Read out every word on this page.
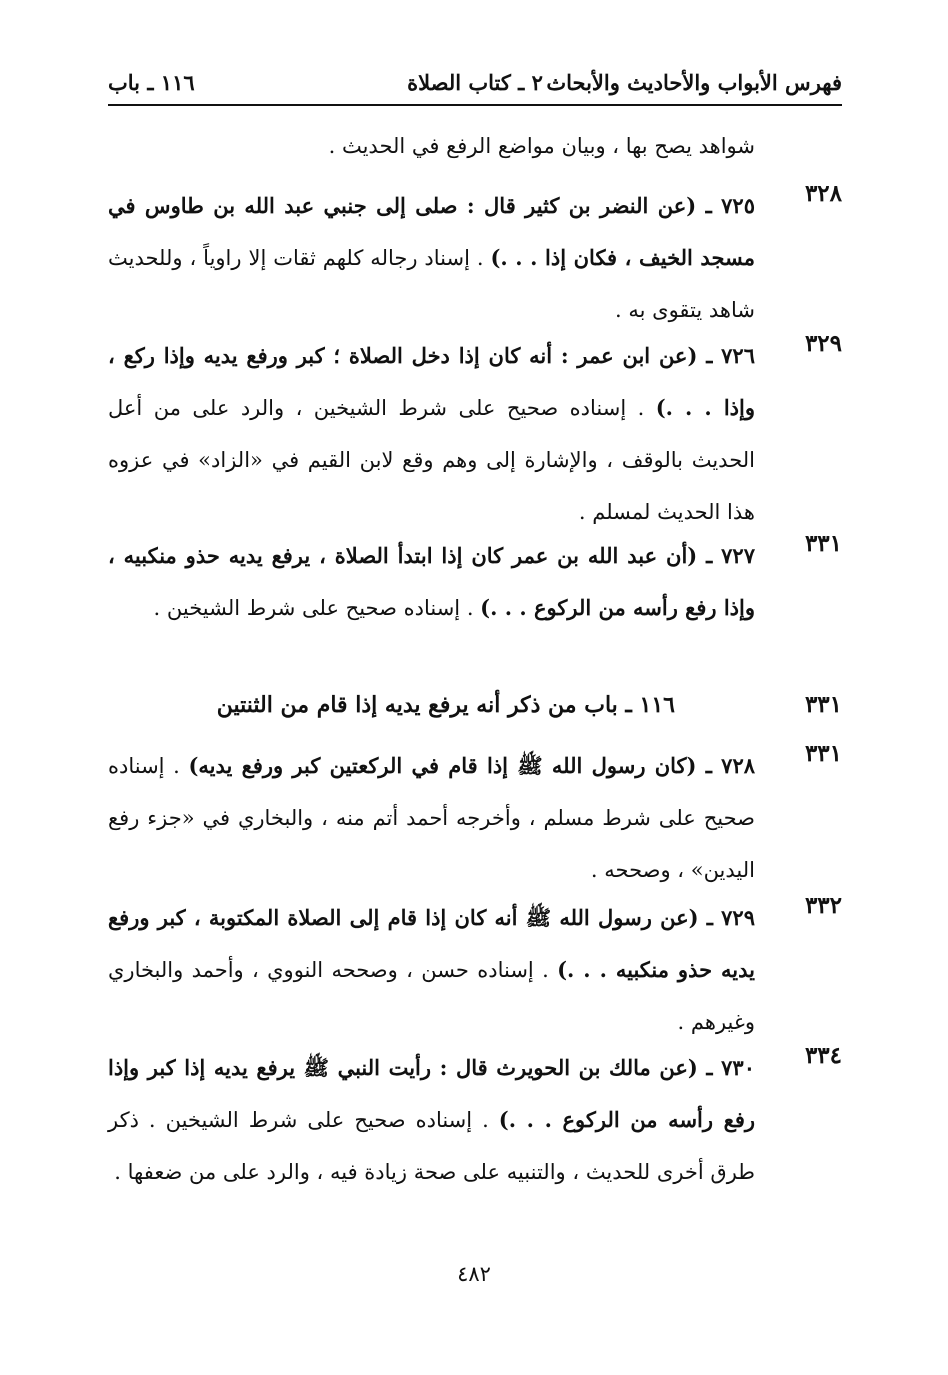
فهرس الأبواب والأحاديث والأبحاث
٢ ـ كتاب الصلاة
١١٦ ـ باب
شواهد يصح بها ، وبيان مواضع الرفع في الحديث .
٣٢٨
٧٢٥ ـ (عن النضر بن كثير قال : صلى إلى جنبي عبد الله بن طاوس في مسجد الخيف ، فكان إذا . . .) . إسناد رجاله كلهم ثقات إلا راوياً ، وللحديث شاهد يتقوى به .
٣٢٩
٧٢٦ ـ (عن ابن عمر : أنه كان إذا دخل الصلاة ؛ كبر ورفع يديه وإذا ركع ، وإذا . . .) . إسناده صحيح على شرط الشيخين ، والرد على من أعل الحديث بالوقف ، والإشارة إلى وهم وقع لابن القيم في «الزاد» في عزوه هذا الحديث لمسلم .
٣٣١
٧٢٧ ـ (أن عبد الله بن عمر كان إذا ابتدأ الصلاة ، يرفع يديه حذو منكبيه ، وإذا رفع رأسه من الركوع . . .) . إسناده صحيح على شرط الشيخين .
٣٣١
١١٦ ـ باب من ذكر أنه يرفع يديه إذا قام من الثنتين
٣٣١
٧٢٨ ـ (كان رسول الله ﷺ إذا قام في الركعتين كبر ورفع يديه) . إسناده صحيح على شرط مسلم ، وأخرجه أحمد أتم منه ، والبخاري في «جزء رفع اليدين» ، وصححه .
٣٣٢
٧٢٩ ـ (عن رسول الله ﷺ أنه كان إذا قام إلى الصلاة المكتوبة ، كبر ورفع يديه حذو منكبيه . . .) . إسناده حسن ، وصححه النووي ، وأحمد والبخاري وغيرهم .
٣٣٤
٧٣٠ ـ (عن مالك بن الحويرث قال : رأيت النبي ﷺ يرفع يديه إذا كبر وإذا رفع رأسه من الركوع . . .) . إسناده صحيح على شرط الشيخين . ذكر طرق أخرى للحديث ، والتنبيه على صحة زيادة فيه ، والرد على من ضعفها .
٤٨٢
